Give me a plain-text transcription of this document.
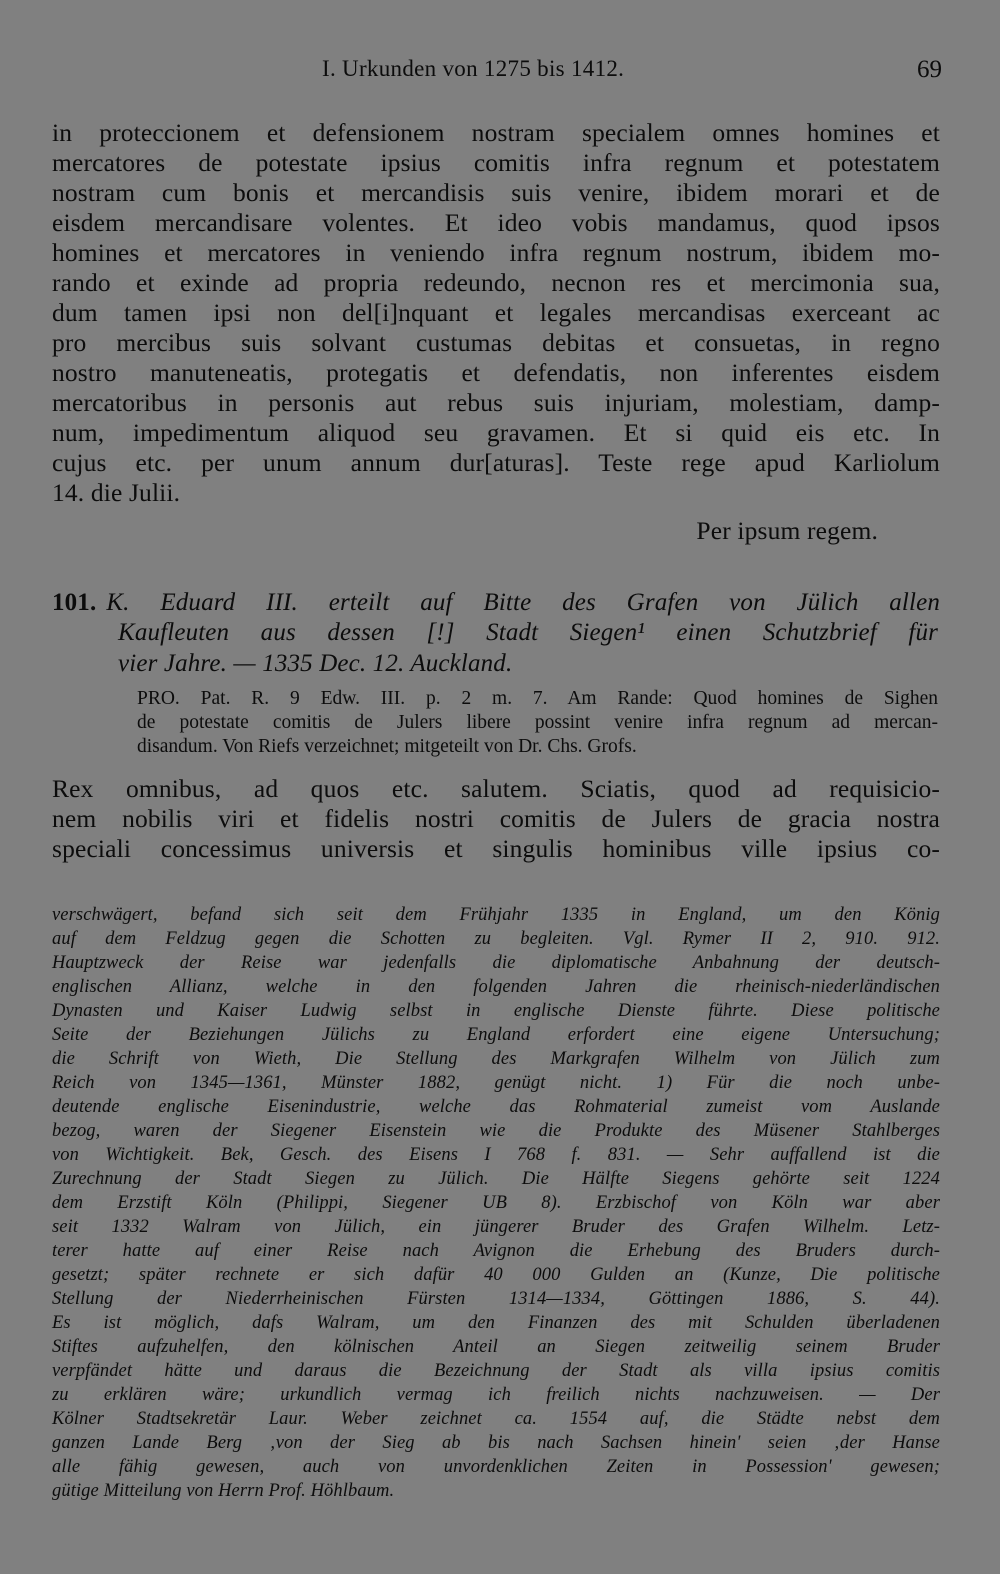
I. Urkunden von 1275 bis 1412.	69
in proteccionem et defensionem nostram specialem omnes homines et
mercatores de potestate ipsius comitis infra regnum et potestatem
nostram cum bonis et mercandisis suis venire, ibidem morari et de
eisdem mercandisare volentes. Et ideo vobis mandamus, quod ipsos
homines et mercatores in veniendo infra regnum nostrum, ibidem mo-
rando et exinde ad propria redeundo, necnon res et mercimonia sua,
dum tamen ipsi non del[i]nquant et legales mercandisas exerceant ac
pro mercibus suis solvant custumas debitas et consuetas, in regno
nostro manuteneatis, protegatis et defendatis, non inferentes eisdem
mercatoribus in personis aut rebus suis injuriam, molestiam, damp-
num, impedimentum aliquod seu gravamen. Et si quid eis etc. In
cujus etc. per unum annum dur[aturas]. Teste rege apud Karliolum
14. die Julii.
Per ipsum regem.
101. K. Eduard III. erteilt auf Bitte des Grafen von Jülich allen
Kaufleuten aus dessen [!] Stadt Siegen¹ einen Schutzbrief für
vier Jahre. — 1335 Dec. 12. Auckland.
PRO. Pat. R. 9 Edw. III. p. 2 m. 7. Am Rande: Quod homines de Sighen
de potestate comitis de Julers libere possint venire infra regnum ad mercan-
disandum. Von Riefs verzeichnet; mitgeteilt von Dr. Chs. Grofs.
Rex omnibus, ad quos etc. salutem. Sciatis, quod ad requisicio-
nem nobilis viri et fidelis nostri comitis de Julers de gracia nostra
speciali concessimus universis et singulis hominibus ville ipsius co-
verschwägert, befand sich seit dem Frühjahr 1335 in England, um den König
auf dem Feldzug gegen die Schotten zu begleiten. Vgl. Rymer II 2, 910. 912.
Hauptzweck der Reise war jedenfalls die diplomatische Anbahnung der deutsch-
englischen Allianz, welche in den folgenden Jahren die rheinisch-niederländischen
Dynasten und Kaiser Ludwig selbst in englische Dienste führte. Diese politische
Seite der Beziehungen Jülichs zu England erfordert eine eigene Untersuchung;
die Schrift von Wieth, Die Stellung des Markgrafen Wilhelm von Jülich zum
Reich von 1345—1361, Münster 1882, genügt nicht. 1) Für die noch unbe-
deutende englische Eisenindustrie, welche das Rohmaterial zumeist vom Auslande
bezog, waren der Siegener Eisenstein wie die Produkte des Müsener Stahlberges
von Wichtigkeit. Bek, Gesch. des Eisens I 768 f. 831. — Sehr auffallend ist die
Zurechnung der Stadt Siegen zu Jülich. Die Hälfte Siegens gehörte seit 1224
dem Erzstift Köln (Philippi, Siegener UB 8). Erzbischof von Köln war aber
seit 1332 Walram von Jülich, ein jüngerer Bruder des Grafen Wilhelm. Letz-
terer hatte auf einer Reise nach Avignon die Erhebung des Bruders durch-
gesetzt; später rechnete er sich dafür 40 000 Gulden an (Kunze, Die politische
Stellung der Niederrheinischen Fürsten 1314—1334, Göttingen 1886, S. 44).
Es ist möglich, dafs Walram, um den Finanzen des mit Schulden überladenen
Stiftes aufzuhelfen, den kölnischen Anteil an Siegen zeitweilig seinem Bruder
verpfändet hätte und daraus die Bezeichnung der Stadt als villa ipsius comitis
zu erklären wäre; urkundlich vermag ich freilich nichts nachzuweisen. — Der
Kölner Stadtsekretär Laur. Weber zeichnet ca. 1554 auf, die Städte nebst dem
ganzen Lande Berg ‚von der Sieg ab bis nach Sachsen hinein' seien ‚der Hanse
alle fähig gewesen, auch von unvordenklichen Zeiten in Possession' gewesen;
gütige Mitteilung von Herrn Prof. Höhlbaum.
